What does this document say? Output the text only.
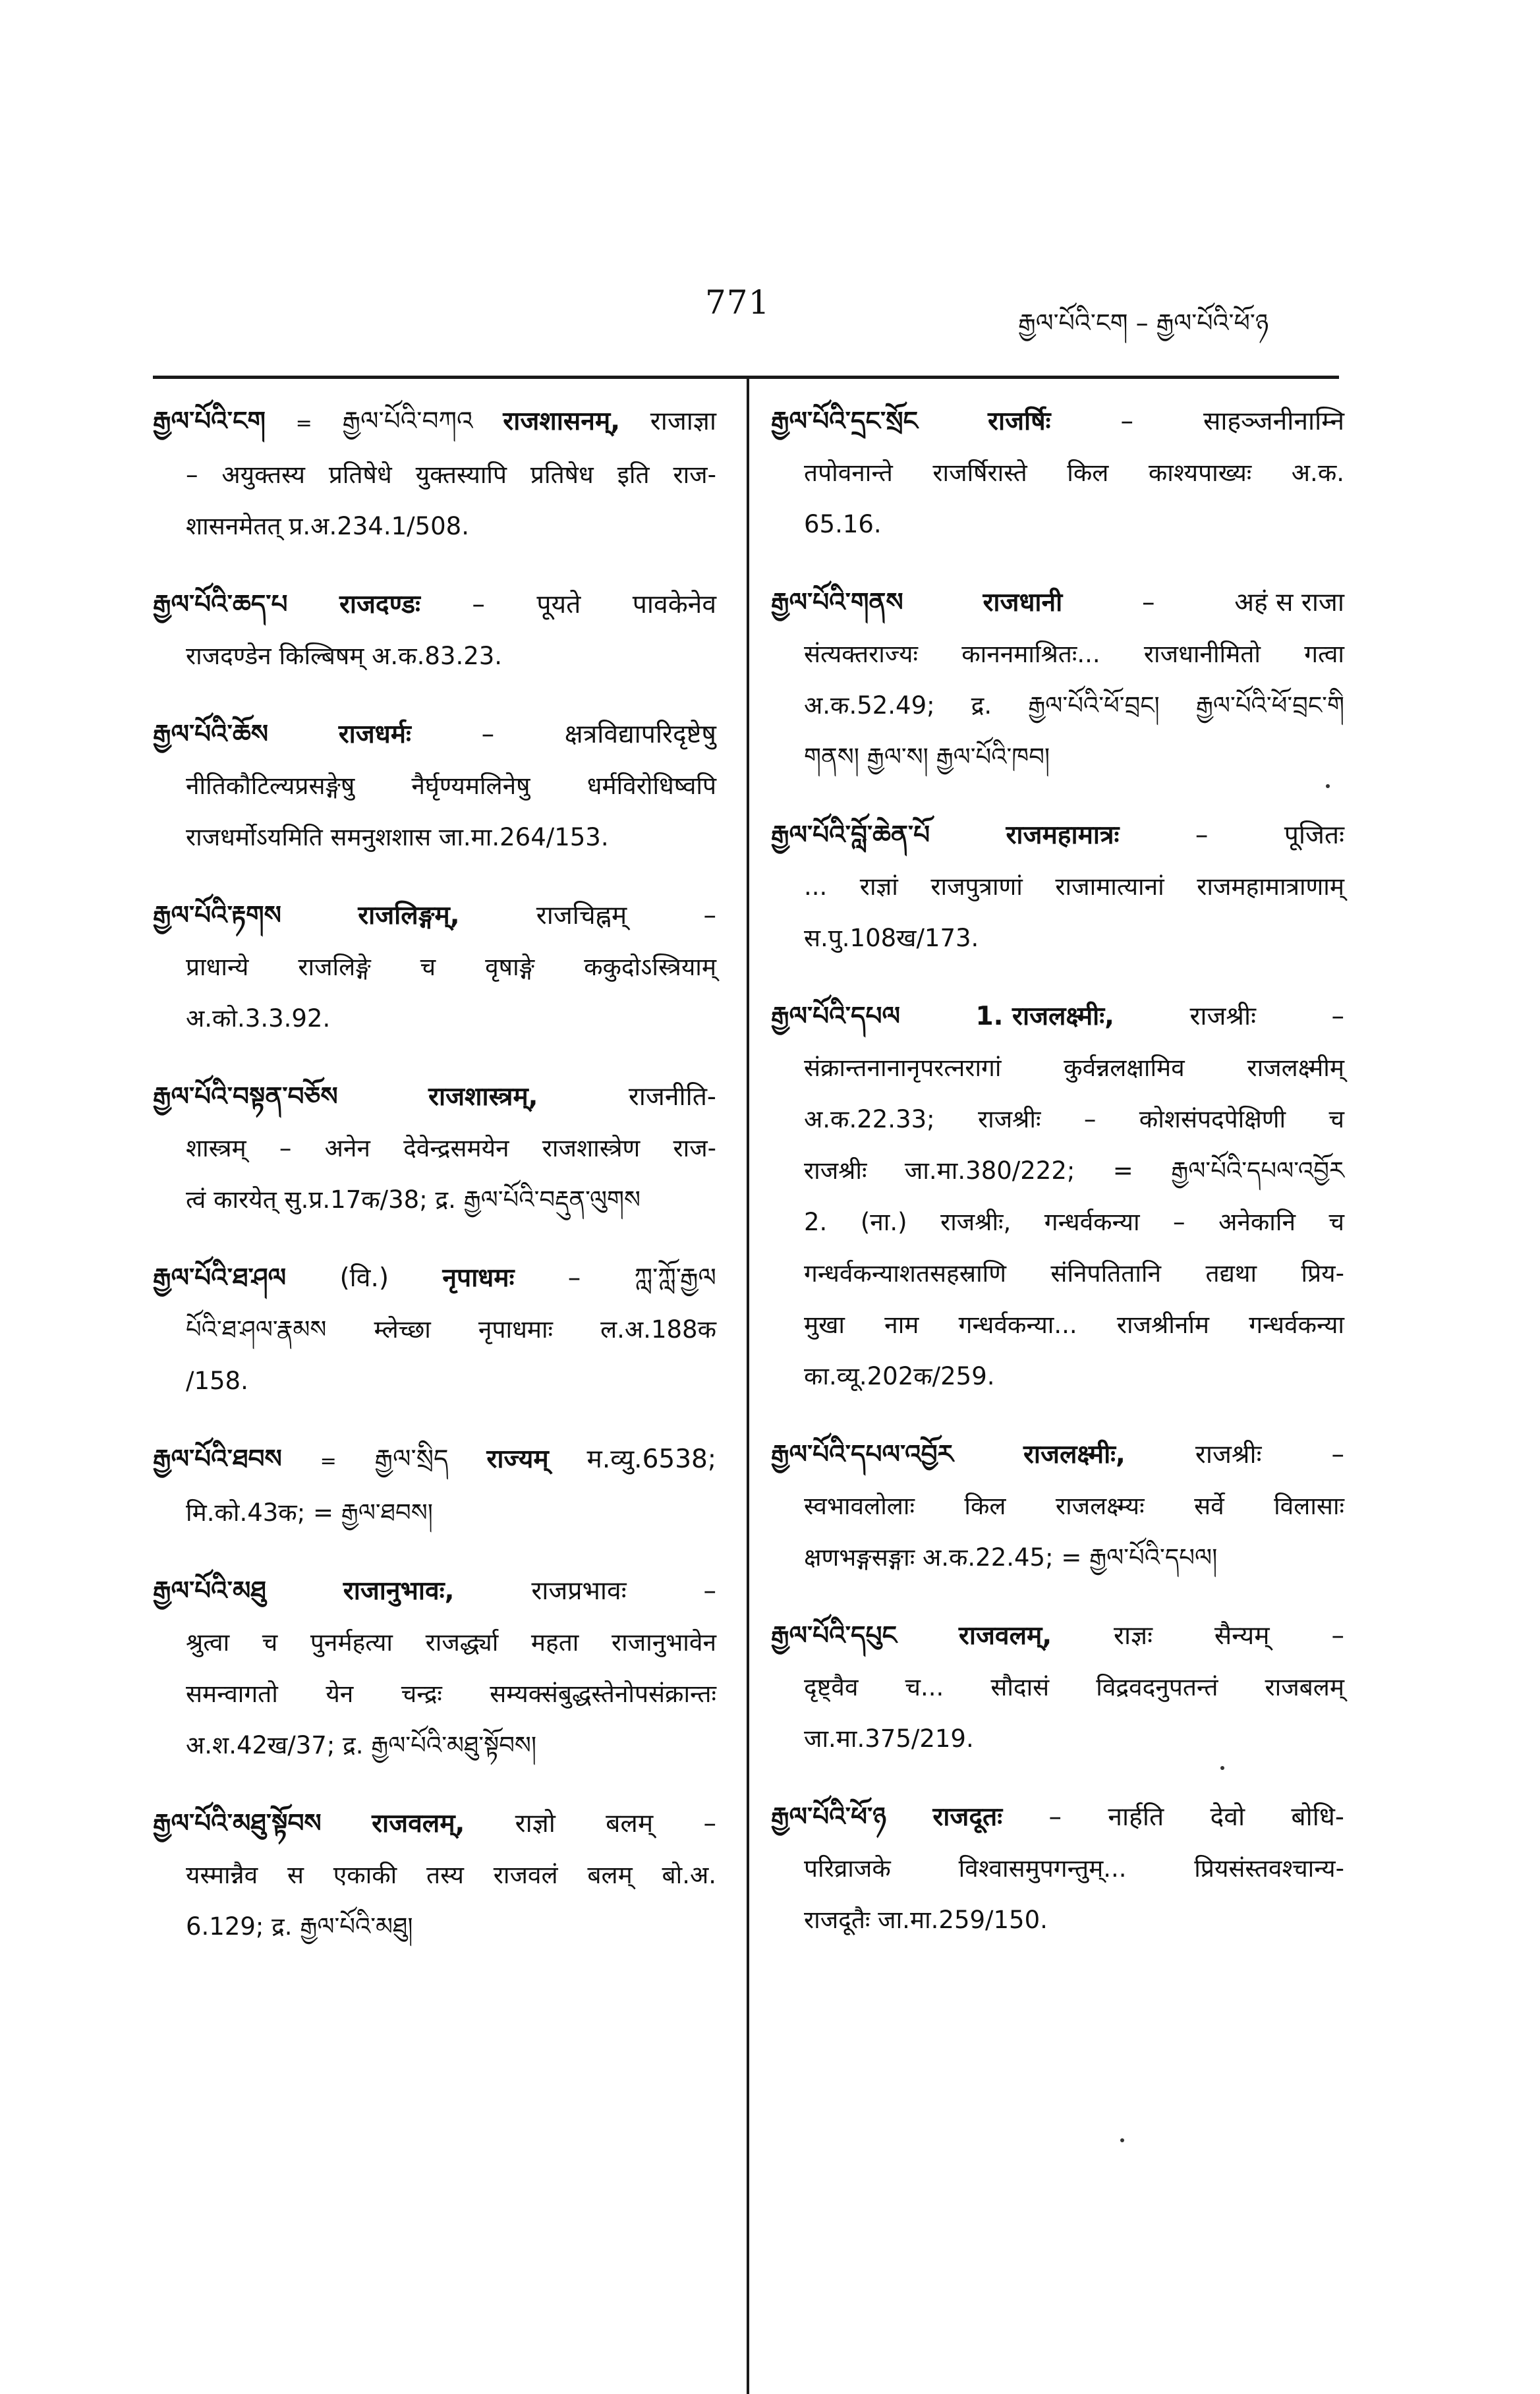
771
རྒྱལ་པོའི་ངག – རྒྱལ་པོའི་ཕོ་ཉ
རྒྱལ་པོའི་ངག = རྒྱལ་པོའི་བཀའ राजशासनम्, राजाज्ञा
– अयुक्तस्य प्रतिषेधे युक्तस्यापि प्रतिषेध इति राज-
शासनमेतत् प्र.अ.234.1/508.
རྒྱལ་པོའི་ཆད་པ राजदण्डः – पूयते पावकेनेव
राजदण्डेन किल्बिषम् अ.क.83.23.
རྒྱལ་པོའི་ཆོས	राजधर्मः	–	क्षत्रविद्यापरिदृष्टेषु
नीतिकौटिल्यप्रसङ्गेषु नैर्घृण्यमलिनेषु धर्मविरोधिष्वपि
राजधर्मोऽयमिति समनुशशास जा.मा.264/153.
རྒྱལ་པོའི་རྟགས	राजलिङ्गम्,	राजचिह्नम्	–
प्राधान्ये राजलिङ्गे च वृषाङ्गे ककुदोऽस्त्रियाम्
अ.को.3.3.92.
རྒྱལ་པོའི་བསྟན་བཅོས	राजशास्त्रम्,	राजनीति-
शास्त्रम् – अनेन देवेन्द्रसमयेन राजशास्त्रेण राज-
त्वं कारयेत् सु.प्र.17क/38; द्र. རྒྱལ་པོའི་བརྡུན་ལུགས
རྒྱལ་པོའི་ཐ་ཤལ (वि.) नृपाधमः – ཀླ་ཀློ་རྒྱལ
པོའི་ཐ་ཤལ་རྣམས म्लेच्छा नृपाधमाः ल.अ.188क
/158.
རྒྱལ་པོའི་ཐབས = རྒྱལ་སྲིད राज्यम् म.व्यु.6538;
मि.को.43क; = རྒྱལ་ཐབས།
རྒྱལ་པོའི་མཐུ	राजानुभावः,	राजप्रभावः	–
श्रुत्वा च पुनर्महत्या राजर्द्ध्या महता राजानुभावेन
समन्वागतो येन चन्द्रः सम्यक्संबुद्धस्तेनोपसंक्रान्तः
अ.श.42ख/37; द्र. རྒྱལ་པོའི་མཐུ་སྟོབས།
རྒྱལ་པོའི་མཐུ་སྟོབས राजवलम्, राज्ञो बलम् –
यस्मान्नैव स एकाकी तस्य राजवलं बलम् बो.अ.
6.129; द्र. རྒྱལ་པོའི་མཐུ།
རྒྱལ་པོའི་དྲང་སྲོང	राजर्षिः	–	साहञ्जनीनाम्नि
तपोवनान्ते राजर्षिरास्ते किल काश्यपाख्यः अ.क.
65.16.
རྒྱལ་པོའི་གནས	राजधानी	–	अहं स राजा
संत्यक्तराज्यः काननमाश्रितः... राजधानीमितो गत्वा
अ.क.52.49; द्र. རྒྱལ་པོའི་ཕོ་བྲང། རྒྱལ་པོའི་ཕོ་བྲང་གི
གནས། རྒྱལ་ས། རྒྱལ་པོའི་ཁབ།
རྒྱལ་པོའི་བློ་ཆེན་པོ	राजमहामात्रः	–	पूजितः
... राज्ञां राजपुत्राणां राजामात्यानां राजमहामात्राणाम्
स.पु.108ख/173.
རྒྱལ་པོའི་དཔལ	1. राजलक्ष्मीः,	राजश्रीः	–
संक्रान्तनानानृपरत्नरागां कुर्वन्नलक्षामिव राजलक्ष्मीम्
अ.क.22.33; राजश्रीः – कोशसंपदपेक्षिणी च
राजश्रीः जा.मा.380/222; = རྒྱལ་པོའི་དཔལ་འབྱོར
2. (ना.) राजश्रीः, गन्धर्वकन्या – अनेकानि च
गन्धर्वकन्याशतसहस्राणि संनिपतितानि तद्यथा प्रिय-
मुखा नाम गन्धर्वकन्या... राजश्रीर्नाम गन्धर्वकन्या
का.व्यू.202क/259.
རྒྱལ་པོའི་དཔལ་འབྱོར	राजलक्ष्मीः,	राजश्रीः	–
स्वभावलोलाः किल राजलक्ष्म्यः सर्वे विलासाः
क्षणभङ्गसङ्गाः अ.क.22.45; = རྒྱལ་པོའི་དཔལ།
རྒྱལ་པོའི་དཔུང राजवलम्, राज्ञः सैन्यम् –
दृष्ट्वैव च... सौदासं विद्रवदनुपतन्तं राजबलम्
जा.मा.375/219.
རྒྱལ་པོའི་ཕོ་ཉ राजदूतः – नार्हति देवो बोधि-
परिव्राजके विश्वासमुपगन्तुम्... प्रियसंस्तवश्चान्य-
राजदूतैः जा.मा.259/150.
